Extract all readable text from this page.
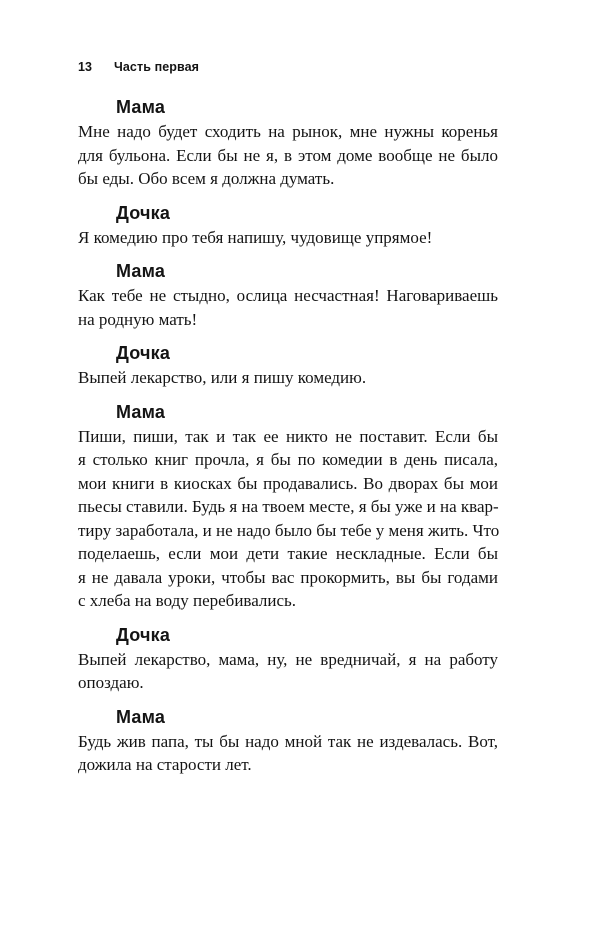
13 Часть первая
Мама
Мне надо будет сходить на рынок, мне нужны коренья
для бульона. Если бы не я, в этом доме вообще не было
бы еды. Обо всем я должна думать.
Дочка
Я комедию про тебя напишу, чудовище упрямое!
Мама
Как тебе не стыдно, ослица несчастная! Наговариваешь
на родную мать!
Дочка
Выпей лекарство, или я пишу комедию.
Мама
Пиши, пиши, так и так ее никто не поставит. Если бы
я столько книг прочла, я бы по комедии в день писала,
мои книги в киосках бы продавались. Во дворах бы мои
пьесы ставили. Будь я на твоем месте, я бы уже и на квар-
тиру заработала, и не надо было бы тебе у меня жить. Что
поделаешь, если мои дети такие нескладные. Если бы
я не давала уроки, чтобы вас прокормить, вы бы годами
с хлеба на воду перебивались.
Дочка
Выпей лекарство, мама, ну, не вредничай, я на работу
опоздаю.
Мама
Будь жив папа, ты бы надо мной так не издевалась. Вот,
дожила на старости лет.
